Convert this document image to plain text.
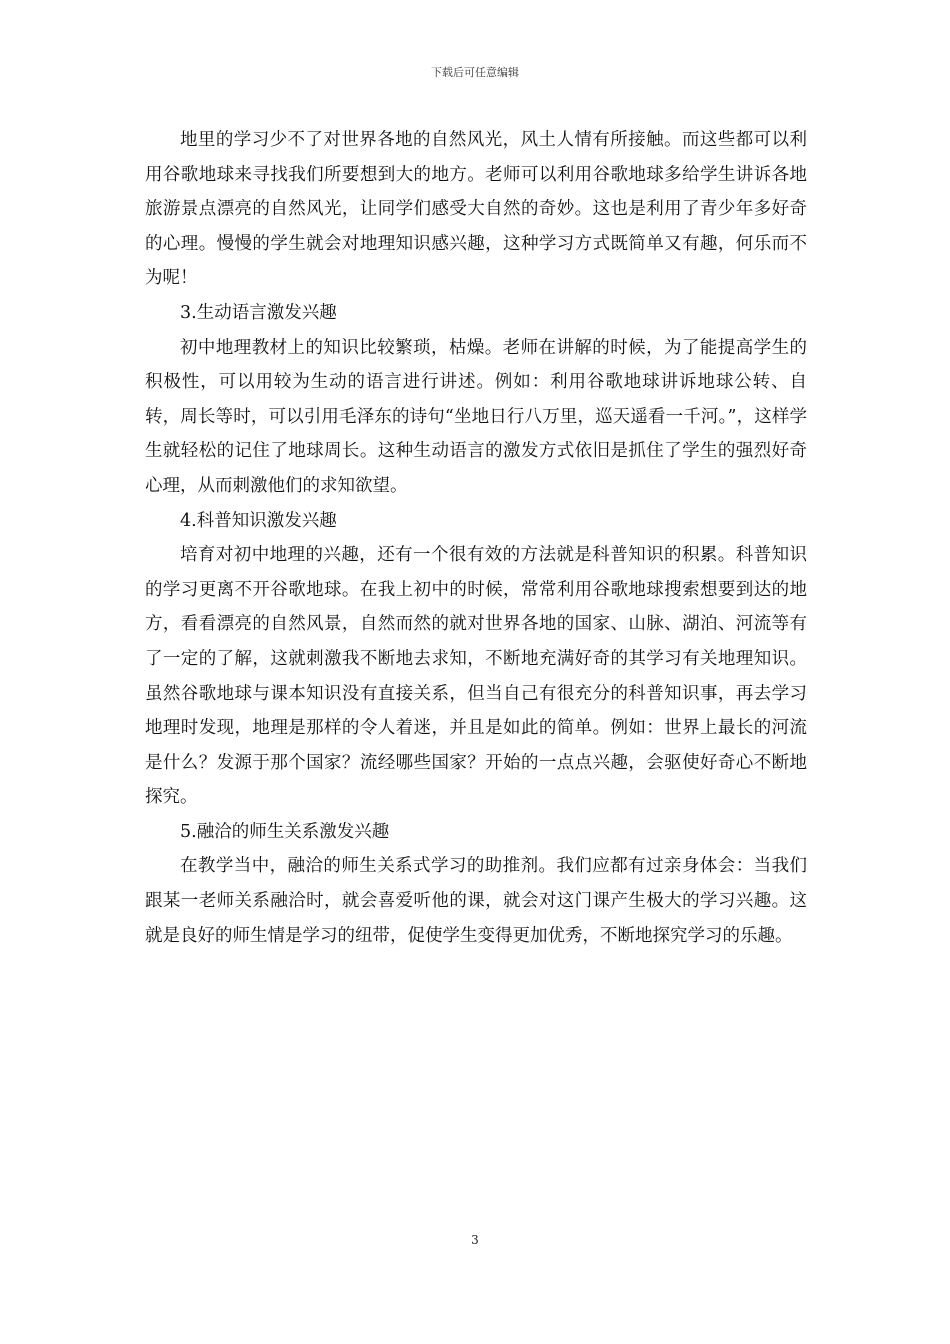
下载后可任意编辑

地里的学习少不了对世界各地的自然风光，风土人情有所接触。而这些都可以利用谷歌地球来寻找我们所要想到大的地方。老师可以利用谷歌地球多给学生讲诉各地旅游景点漂亮的自然风光，让同学们感受大自然的奇妙。这也是利用了青少年多好奇的心理。慢慢的学生就会对地理知识感兴趣，这种学习方式既简单又有趣，何乐而不为呢！

3.生动语言激发兴趣

初中地理教材上的知识比较繁琐，枯燥。老师在讲解的时候，为了能提高学生的积极性，可以用较为生动的语言进行讲述。例如：利用谷歌地球讲诉地球公转、自转，周长等时，可以引用毛泽东的诗句“坐地日行八万里，巡天遥看一千河。”，这样学生就轻松的记住了地球周长。这种生动语言的激发方式依旧是抓住了学生的强烈好奇心理，从而刺激他们的求知欲望。

4.科普知识激发兴趣

培育对初中地理的兴趣，还有一个很有效的方法就是科普知识的积累。科普知识的学习更离不开谷歌地球。在我上初中的时候，常常利用谷歌地球搜索想要到达的地方，看看漂亮的自然风景，自然而然的就对世界各地的国家、山脉、湖泊、河流等有了一定的了解，这就刺激我不断地去求知，不断地充满好奇的其学习有关地理知识。虽然谷歌地球与课本知识没有直接关系，但当自己有很充分的科普知识事，再去学习地理时发现，地理是那样的令人着迷，并且是如此的简单。例如：世界上最长的河流是什么？发源于那个国家？流经哪些国家？开始的一点点兴趣，会驱使好奇心不断地探究。

5.融洽的师生关系激发兴趣

在教学当中，融洽的师生关系式学习的助推剂。我们应都有过亲身体会：当我们跟某一老师关系融洽时，就会喜爱听他的课，就会对这门课产生极大的学习兴趣。这就是良好的师生情是学习的纽带，促使学生变得更加优秀，不断地探究学习的乐趣。

3
